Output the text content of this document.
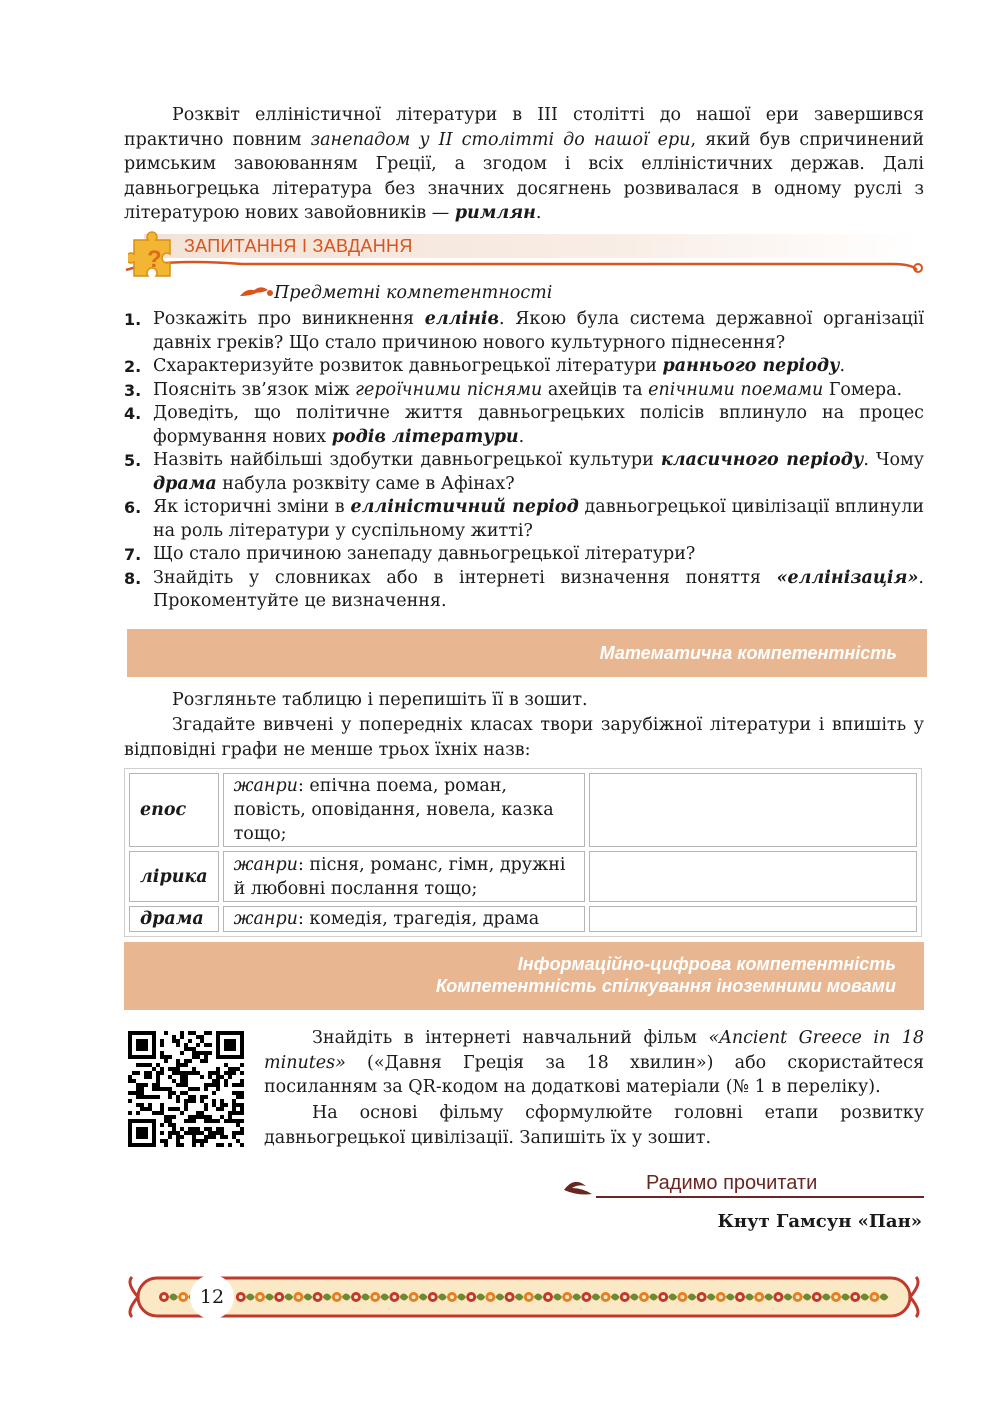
Розквіт елліністичної літератури в III столітті до нашої ери завершився практично повним занепадом у II столітті до нашої ери, який був спричинений римським завоюванням Греції, а згодом і всіх елліністичних держав. Далі давньогрецька література без значних досягнень розвивалася в одному руслі з літературою нових завойовників — римлян.

? ЗАПИТАННЯ І ЗАВДАННЯ
Предметні компетентності
1. Розкажіть про виникнення еллінів. Якою була система державної організації давніх греків? Що стало причиною нового культурного піднесення?
2. Схарактеризуйте розвиток давньогрецької літератури раннього періоду.
3. Поясніть зв’язок між героїчними піснями ахейців та епічними поемами Гомера.
4. Доведіть, що політичне життя давньогрецьких полісів вплинуло на процес формування нових родів літератури.
5. Назвіть найбільші здобутки давньогрецької культури класичного періоду. Чому драма набула розквіту саме в Афінах?
6. Як історичні зміни в елліністичний період давньогрецької цивілізації вплинули на роль літератури у суспільному житті?
7. Що стало причиною занепаду давньогрецької літератури?
8. Знайдіть у словниках або в інтернеті визначення поняття «еллінізація». Прокоментуйте це визначення.
Математична компетентність

Розгляньте таблицю і перепишіть її в зошит.

Згадайте вивчені у попередніх класах твори зарубіжної літератури і впишіть у відповідні графи не менше трьох їхніх назв:

епос	жанри: епічна поема, роман, повість, оповідання, новела, казка тощо;	
лірика	жанри: пісня, романс, гімн, дружні й любовні послання тощо;	
драма	жанри: комедія, трагедія, драма	
Інформаційно-цифрова компетентність
Компетентність спілкування іноземними мовами

Знайдіть в інтернеті навчальний фільм «Ancient Greece in 18 minutes» («Давня Греція за 18 хвилин») або скористайтеся посиланням за QR-кодом на додаткові матеріали (№ 1 в переліку).

На основі фільму сформулюйте головні етапи розвитку давньогрецької цивілізації. Запишіть їх у зошит.

Радимо прочитати
Кнут Гамсун «Пан»
12
